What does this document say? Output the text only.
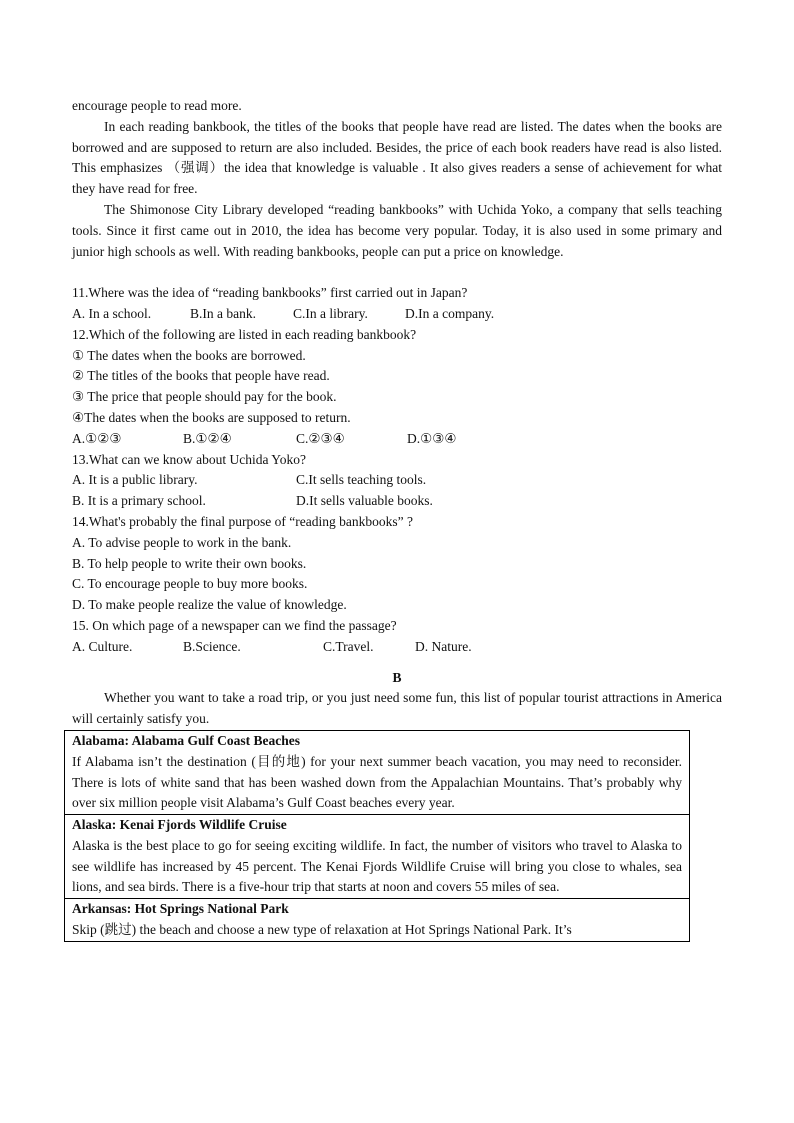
encourage people to read more.

In each reading bankbook, the titles of the books that people have read are listed. The dates when the books are borrowed and are supposed to return are also included. Besides, the price of each book readers have read is also listed. This emphasizes （强调）the idea that knowledge is valuable . It also gives readers a sense of achievement for what they have read for free.

The Shimonose City Library developed “reading bankbooks” with Uchida Yoko, a company that sells teaching tools. Since it first came out in 2010, the idea has become very popular. Today, it is also used in some primary and junior high schools as well. With reading bankbooks, people can put a price on knowledge.

11.Where was the idea of “reading bankbooks” first carried out in Japan?

A. In a school.	B.In a bank.	C.In a library.	D.In a company.

12.Which of the following are listed in each reading bankbook?

① The dates when the books are borrowed.

② The titles of the books that people have read.

③ The price that people should pay for the book.

④The dates when the books are supposed to return.

A.①②③	B.①②④	C.②③④	D.①③④

13.What can we know about Uchida Yoko?

A. It is a public library.	C.It sells teaching tools.
B. It is a primary school.	D.It sells valuable books.

14.What's probably the final purpose of “reading bankbooks” ?

A. To advise people to work in the bank.

B. To help people to write their own books.

C. To encourage people to buy more books.

D. To make people realize the value of knowledge.

15. On which page of a newspaper can we find the passage?

A. Culture.	B.Science.	C.Travel.	D. Nature.

B

Whether you want to take a road trip, or you just need some fun, this list of popular tourist attractions in America will certainly satisfy you.

Alabama: Alabama Gulf Coast Beaches

If Alabama isn’t the destination (目的地) for your next summer beach vacation, you may need to reconsider. There is lots of white sand that has been washed down from the Appalachian Mountains. That’s probably why over six million people visit Alabama’s Gulf Coast beaches every year.

Alaska: Kenai Fjords Wildlife Cruise

Alaska is the best place to go for seeing exciting wildlife. In fact, the number of visitors who travel to Alaska to see wildlife has increased by 45 percent. The Kenai Fjords Wildlife Cruise will bring you close to whales, sea lions, and sea birds. There is a five-hour trip that starts at noon and covers 55 miles of sea.

Arkansas: Hot Springs National Park

Skip (跳过) the beach and choose a new type of relaxation at Hot Springs National Park. It’s
